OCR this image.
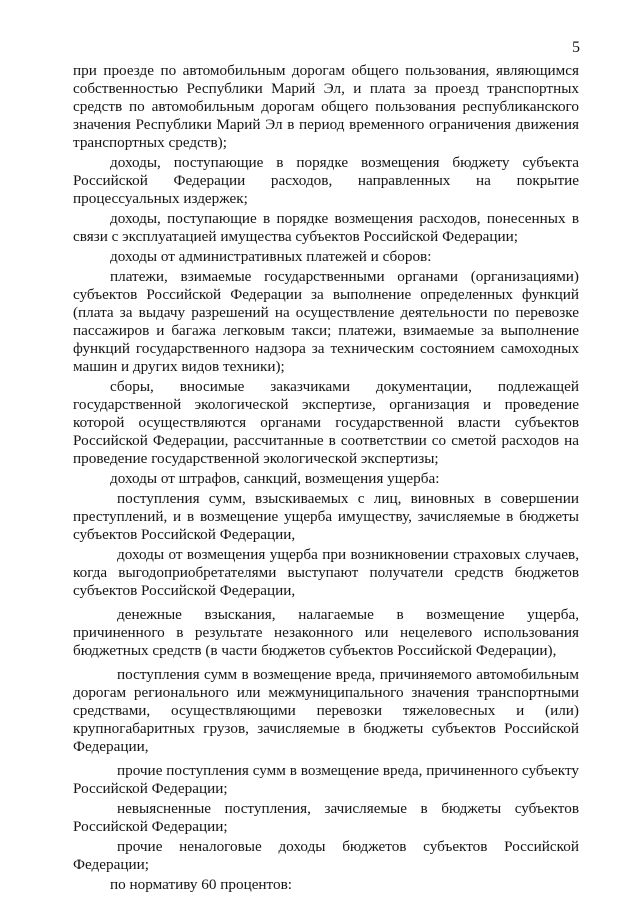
5

при проезде по автомобильным дорогам общего пользования, являющимся собственностью Республики Марий Эл, и плата за проезд транспортных средств по автомобильным дорогам общего пользования республиканского значения Республики Марий Эл в период временного ограничения движения транспортных средств);

доходы, поступающие в порядке возмещения бюджету субъекта Российской Федерации расходов, направленных на покрытие процессуальных издержек;

доходы, поступающие в порядке возмещения расходов, понесенных в связи с эксплуатацией имущества субъектов Российской Федерации;

доходы от административных платежей и сборов:

платежи, взимаемые государственными органами (организациями) субъектов Российской Федерации за выполнение определенных функций (плата за выдачу разрешений на осуществление деятельности по перевозке пассажиров и багажа легковым такси; платежи, взимаемые за выполнение функций государственного надзора за техническим состоянием самоходных машин и других видов техники);

сборы, вносимые заказчиками документации, подлежащей государственной экологической экспертизе, организация и проведение которой осуществляются органами государственной власти субъектов Российской Федерации, рассчитанные в соответствии со сметой расходов на проведение государственной экологической экспертизы;

доходы от штрафов, санкций, возмещения ущерба:

поступления сумм, взыскиваемых с лиц, виновных в совершении преступлений, и в возмещение ущерба имуществу, зачисляемые в бюджеты субъектов Российской Федерации,

доходы от возмещения ущерба при возникновении страховых случаев, когда выгодоприобретателями выступают получатели средств бюджетов субъектов Российской Федерации,

денежные взыскания, налагаемые в возмещение ущерба, причиненного в результате незаконного или нецелевого использования бюджетных средств (в части бюджетов субъектов Российской Федерации),

поступления сумм в возмещение вреда, причиняемого автомобильным дорогам регионального или межмуниципального значения транспортными средствами, осуществляющими перевозки тяжеловесных и (или) крупногабаритных грузов, зачисляемые в бюджеты субъектов Российской Федерации,

прочие поступления сумм в возмещение вреда, причиненного субъекту Российской Федерации;

невыясненные поступления, зачисляемые в бюджеты субъектов Российской Федерации;

прочие неналоговые доходы бюджетов субъектов Российской Федерации;

по нормативу 60 процентов:
